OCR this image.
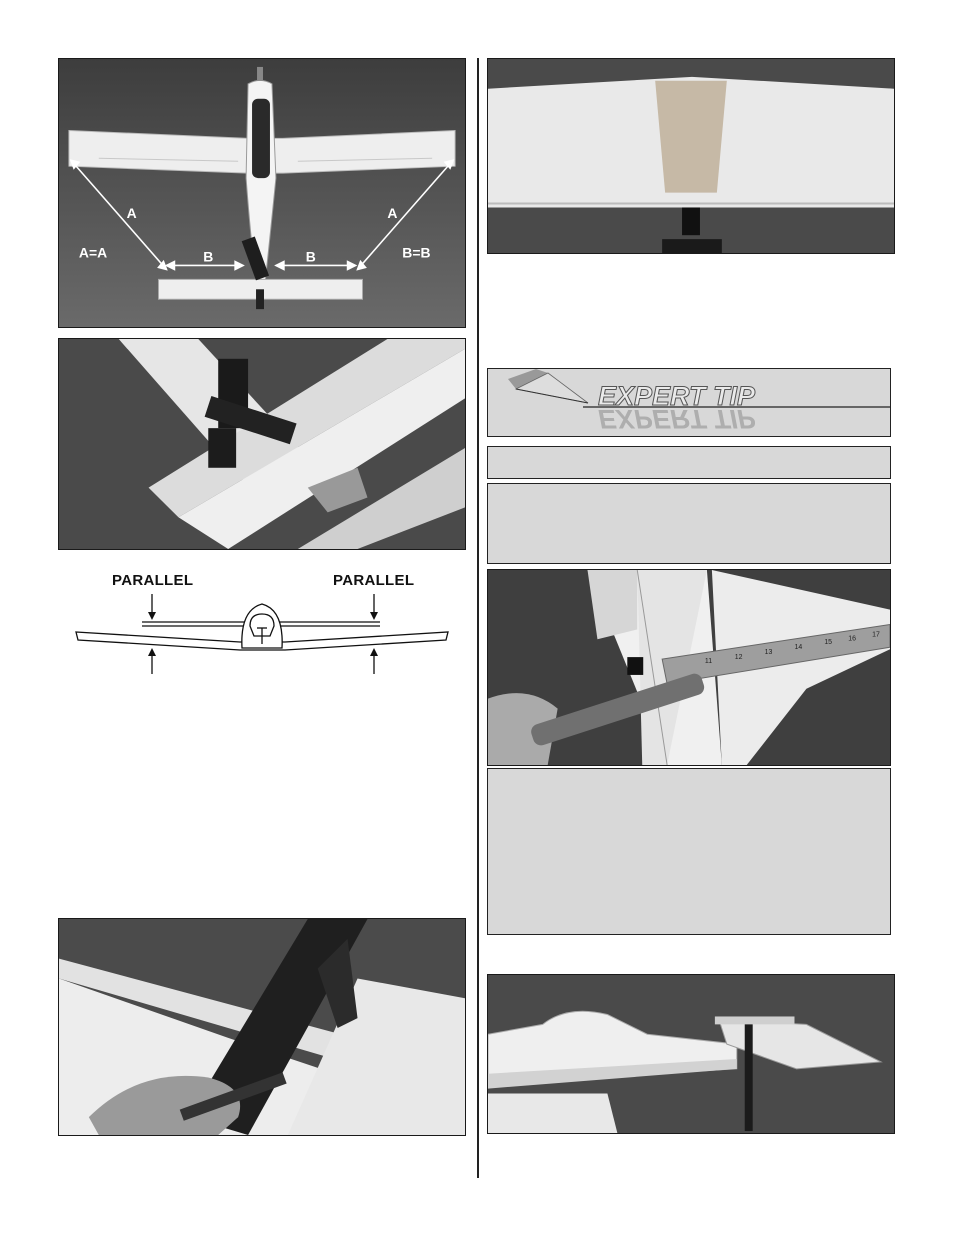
A	A
A=A	B	B	B=B
PARALLEL	PARALLEL
EXPERT TIP
EXPERT TIP
11
12
13
14
15
16
17
